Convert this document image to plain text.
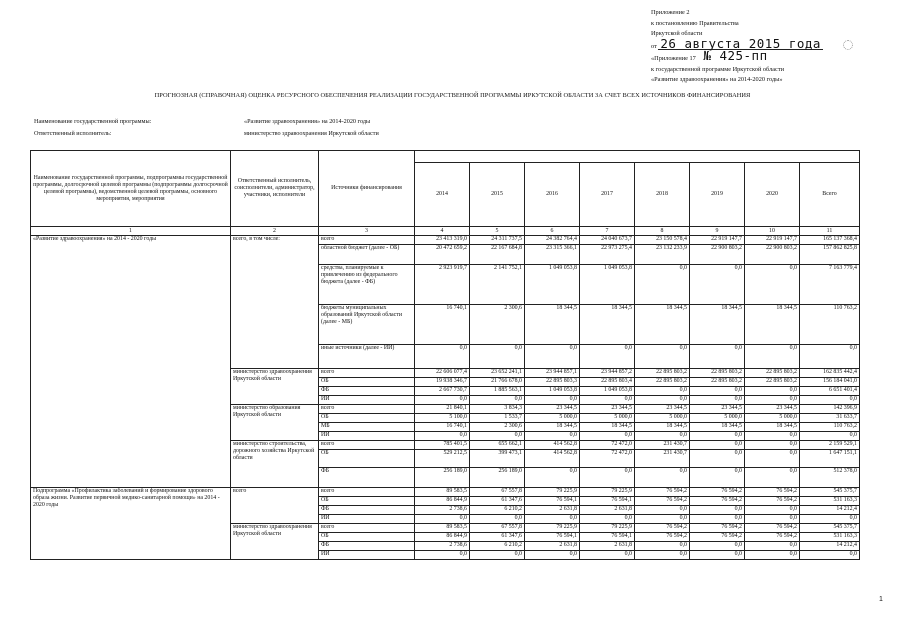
Приложение 2
к постановлению Правительства
Иркутской области
от 26 августа 2015 года
«Приложение 17 № 425-пп
к государственной программе Иркутской области
«Развитие здравоохранения» на 2014-2020 годы»
ПРОГНОЗНАЯ (СПРАВОЧНАЯ) ОЦЕНКА РЕСУРСНОГО ОБЕСПЕЧЕНИЯ РЕАЛИЗАЦИИ ГОСУДАРСТВЕННОЙ ПРОГРАММЫ ИРКУТСКОЙ ОБЛАСТИ ЗА СЧЕТ ВСЕХ ИСТОЧНИКОВ ФИНАНСИРОВАНИЯ
Наименование государственной программы:	«Развитие здравоохранения» на 2014-2020 годы
Ответственный исполнитель:	министерство здравоохранения Иркутской области
Наименование государственной программы, подпрограммы государственной программы, долгосрочной целевой программы (подпрограммы долгосрочной целевой программы), ведомственной целевой программы, основного мероприятия, мероприятия	Ответственный исполнитель, соисполнители, администратор, участники, исполнители	Источники финансирования								
			2014	2015	2016	2017	2018	2019	2020	Всего
1	2	3	4	5	6	7	8	9	10	11
«Развитие здравоохранения» на 2014 - 2020 годы	всего, в том числе:	всего	23 413 319,0	24 311 737,5	24 382 764,4	24 040 673,7	23 150 578,4	22 919 147,7	22 919 147,7	165 137 368,4
		областной бюджет (далее - ОБ)	20 472 659,2	22 167 684,8	23 315 366,1	22 973 275,4	23 132 233,9	22 900 803,2	22 900 803,2	157 862 825,8
		средства, планируемые к привлечению из федерального бюджета (далее - ФБ)	2 923 919,7	2 141 752,1	1 049 053,8	1 049 053,8	0,0	0,0	0,0	7 163 779,4
		бюджеты муниципальных образований Иркутской области (далее - МБ)	16 740,1	2 300,6	18 344,5	18 344,5	18 344,5	18 344,5	18 344,5	110 763,2
		иные источники (далее - ИИ)	0,0	0,0	0,0	0,0	0,0	0,0	0,0	0,0
	министерство здравоохранения Иркутской области	всего	22 606 077,4	23 652 241,1	23 944 857,1	23 944 857,2	22 895 803,2	22 895 803,2	22 895 803,2	162 835 442,4
		ОБ	19 938 346,7	21 766 678,0	22 895 803,3	22 895 803,4	22 895 803,2	22 895 803,2	22 895 803,2	156 184 041,0
		ФБ	2 667 730,7	1 885 563,1	1 049 053,8	1 049 053,8	0,0	0,0	0,0	6 651 401,4
		ИИ	0,0	0,0	0,0	0,0	0,0	0,0	0,0	0,0
	министерство образования Иркутской области	всего	21 840,1	3 834,3	23 344,5	23 344,5	23 344,5	23 344,5	23 344,5	142 396,9
		ОБ	5 100,0	1 533,7	5 000,0	5 000,0	5 000,0	5 000,0	5 000,0	31 633,7
		МБ	16 740,1	2 300,6	18 344,5	18 344,5	18 344,5	18 344,5	18 344,5	110 763,2
		ИИ	0,0	0,0	0,0	0,0	0,0	0,0	0,0	0,0
	министерство строительства, дорожного хозяйства Иркутской области	всего	785 401,5	655 662,1	414 562,8	72 472,0	231 430,7	0,0	0,0	2 159 529,1
		ОБ	529 212,5	399 473,1	414 562,8	72 472,0	231 430,7	0,0	0,0	1 647 151,1
		ФБ	256 189,0	256 189,0	0,0	0,0	0,0	0,0	0,0	512 378,0
Подпрограмма «Профилактика заболеваний и формирование здорового образа жизни. Развитие первичной медико-санитарной помощи» на 2014 - 2020 годы	всего	всего	89 583,5	67 557,8	79 225,9	79 225,9	76 594,2	76 594,2	76 594,2	545 375,7
		ОБ	86 844,9	61 347,6	76 594,1	76 594,1	76 594,2	76 594,2	76 594,2	531 163,3
		ФБ	2 738,6	6 210,2	2 631,8	2 631,8	0,0	0,0	0,0	14 212,4
		ИИ	0,0	0,0	0,0	0,0	0,0	0,0	0,0	0,0
	министерство здравоохранения Иркутской области	всего	89 583,5	67 557,8	79 225,9	79 225,9	76 594,2	76 594,2	76 594,2	545 375,7
		ОБ	86 844,9	61 347,6	76 594,1	76 594,1	76 594,2	76 594,2	76 594,2	531 163,3
		ФБ	2 738,6	6 210,2	2 631,8	2 631,8	0,0	0,0	0,0	14 212,4
		ИИ	0,0	0,0	0,0	0,0	0,0	0,0	0,0	0,0
1
